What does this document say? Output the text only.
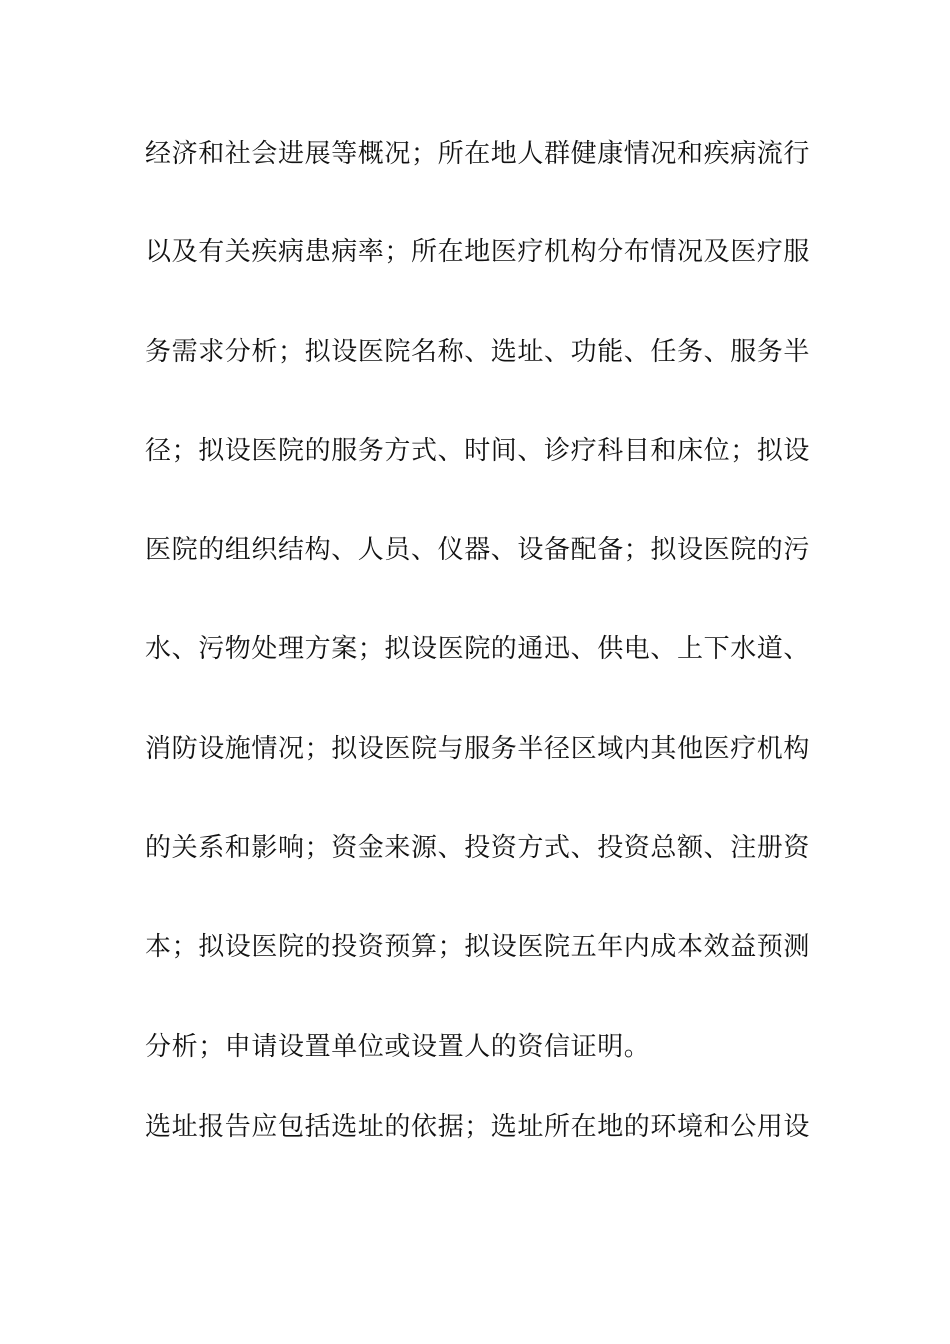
经济和社会进展等概况；所在地人群健康情况和疾病流行
以及有关疾病患病率；所在地医疗机构分布情况及医疗服
务需求分析；拟设医院名称、选址、功能、任务、服务半
径；拟设医院的服务方式、时间、诊疗科目和床位；拟设
医院的组织结构、人员、仪器、设备配备；拟设医院的污
水、污物处理方案；拟设医院的通迅、供电、上下水道、
消防设施情况；拟设医院与服务半径区域内其他医疗机构
的关系和影响；资金来源、投资方式、投资总额、注册资
本；拟设医院的投资预算；拟设医院五年内成本效益预测
分析；申请设置单位或设置人的资信证明。
选址报告应包括选址的依据；选址所在地的环境和公用设
